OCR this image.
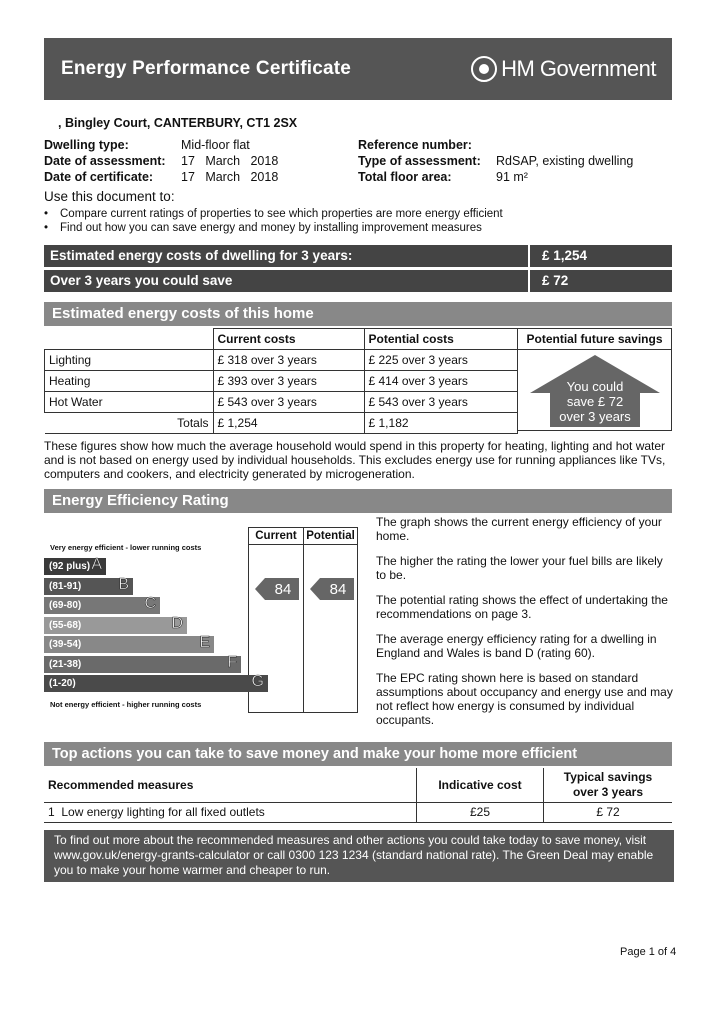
Energy Performance Certificate	HM Government
, Bingley Court, CANTERBURY, CT1 2SX
Dwelling type:	Mid-floor flat
Date of assessment: 17   March   2018
Date of certificate: 17   March   2018
Reference number:
Type of assessment: RdSAP, existing dwelling
Total floor area:	91 m²
Use this document to:
• Compare current ratings of properties to see which properties are more energy efficient
• Find out how you can save energy and money by installing improvement measures
Estimated energy costs of dwelling for 3 years:	£ 1,254
Over 3 years you could save	£ 72
Estimated energy costs of this home
	Current costs	Potential costs
Lighting	£ 318 over 3 years	£ 225 over 3 years
Heating	£ 393 over 3 years	£ 414 over 3 years
Hot Water	£ 543 over 3 years	£ 543 over 3 years
Totals	£ 1,254	£ 1,182
Potential future savings
You could
save £ 72
over 3 years
These figures show how much the average household would spend in this property for heating, lighting and hot water and is not based on energy used by individual households. This excludes energy use for running appliances like TVs, computers and cookers, and electricity generated by microgeneration.
Energy Efficiency Rating
Current Potential
Very energy efficient - lower running costs
(92 plus) A
(81-91) B
(69-80)	C
(55-68)	D
(39-54)	E
(21-38)	F
(1-20)	G
Not energy efficient - higher running costs
84	84
The graph shows the current energy efficiency of your home.
The higher the rating the lower your fuel bills are likely to be.
The potential rating shows the effect of undertaking the recommendations on page 3.
The average energy efficiency rating for a dwelling in England and Wales is band D (rating 60).
The EPC rating shown here is based on standard assumptions about occupancy and energy use and may not reflect how energy is consumed by individual occupants.
Top actions you can take to save money and make your home more efficient
Recommended measures	Indicative cost	Typical savings
over 3 years

1 Low energy lighting for all fixed outlets	£25	£ 72
To find out more about the recommended measures and other actions you could take today to save money, visit www.gov.uk/energy-grants-calculator or call 0300 123 1234 (standard national rate). The Green Deal may enable you to make your home warmer and cheaper to run.
Page 1 of 4
